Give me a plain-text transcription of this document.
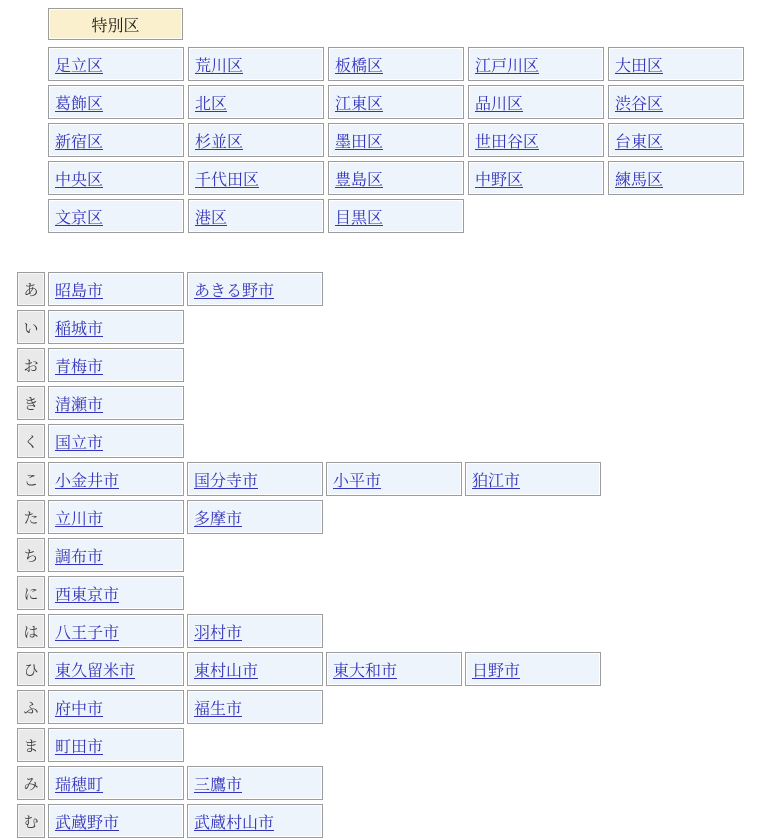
特別区
足立区	荒川区	板橋区	江戸川区	大田区
葛飾区	北区	江東区	品川区	渋谷区
新宿区	杉並区	墨田区	世田谷区	台東区
中央区	千代田区	豊島区	中野区	練馬区
文京区	港区	目黒区
あ	昭島市	あきる野市
い	稲城市
お	青梅市
き	清瀬市
く	国立市
こ	小金井市	国分寺市	小平市	狛江市
た	立川市	多摩市
ち	調布市
に	西東京市
は	八王子市	羽村市
ひ	東久留米市	東村山市	東大和市	日野市
ふ	府中市	福生市
ま	町田市
み	瑞穂町	三鷹市
む	武蔵野市	武蔵村山市
